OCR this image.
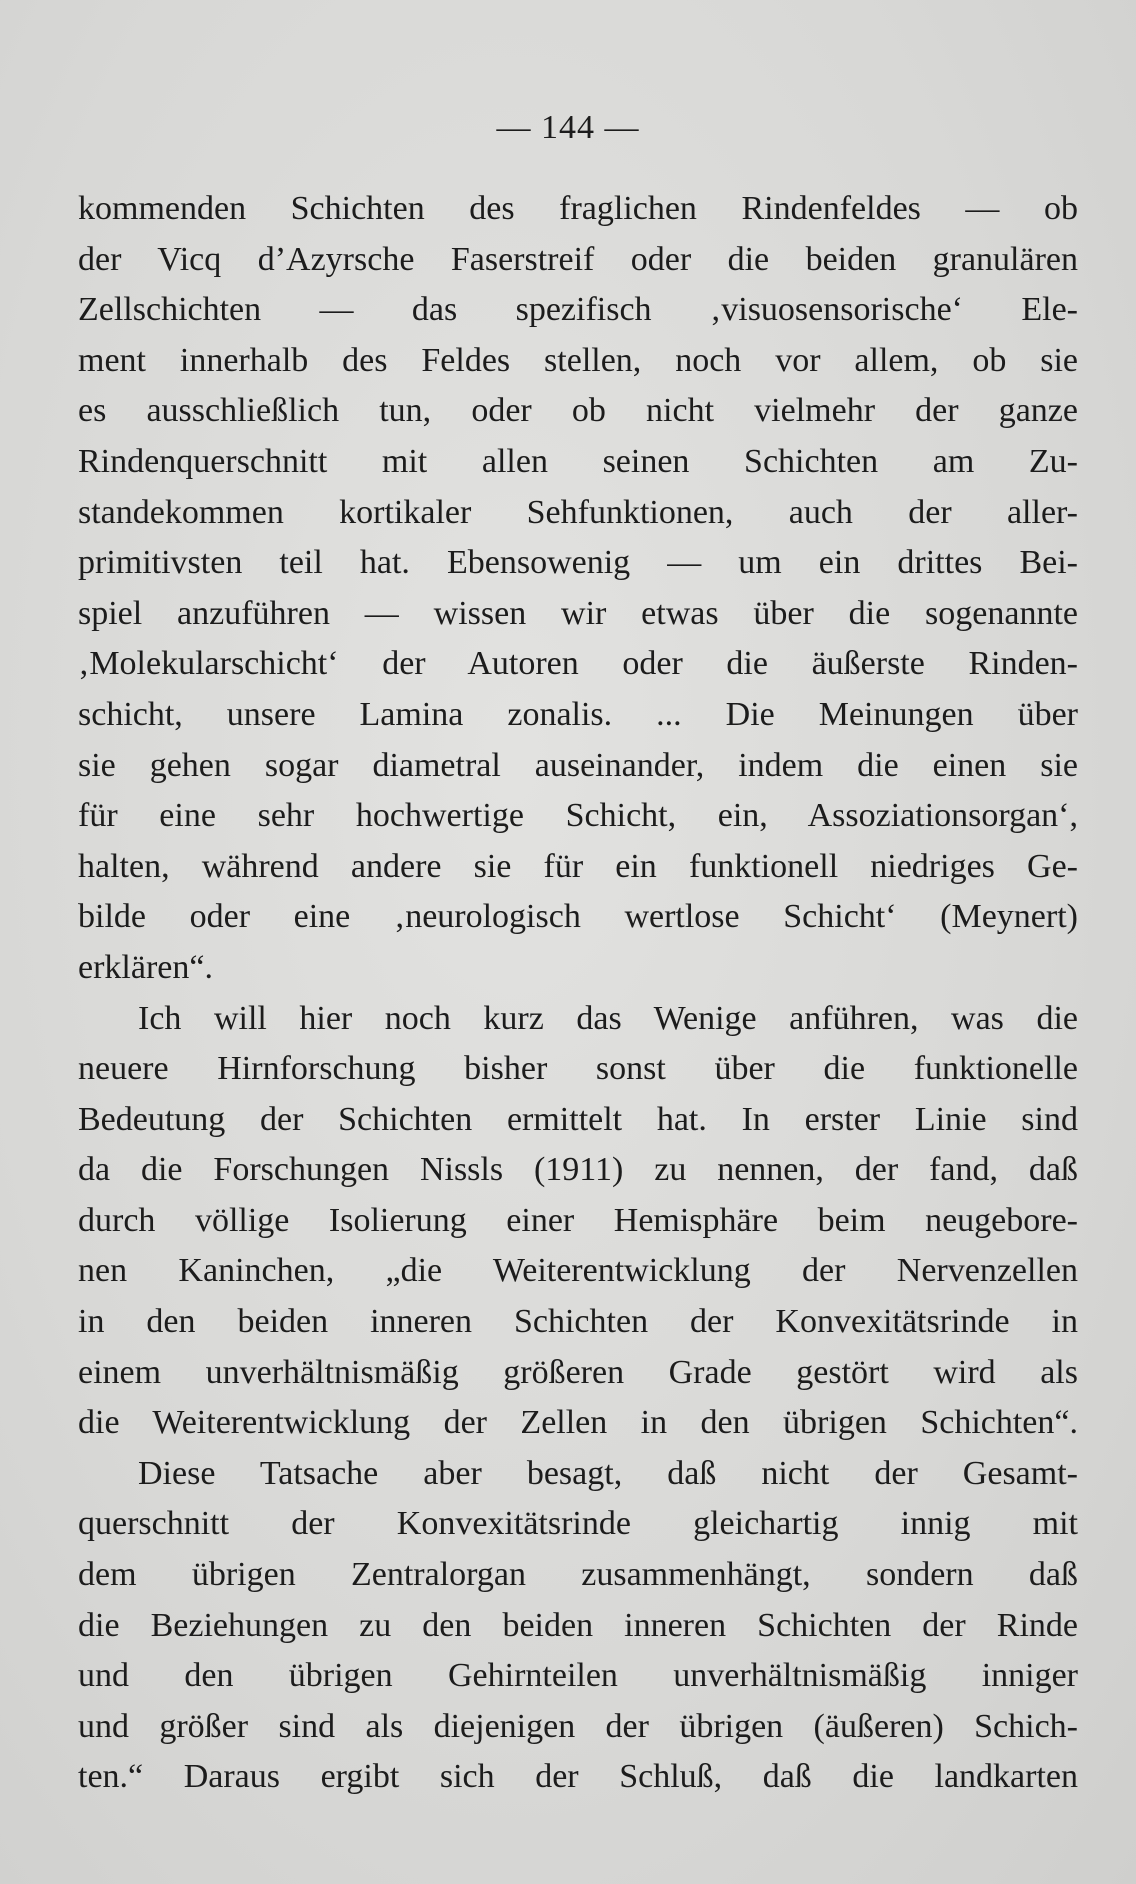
— 144 —
kommenden Schichten des fraglichen Rindenfeldes — ob
der Vicq d’Azyrsche Faserstreif oder die beiden granulären
Zellschichten — das spezifisch ‚visuosensorische‘ Ele-
ment innerhalb des Feldes stellen, noch vor allem, ob sie
es ausschließlich tun, oder ob nicht vielmehr der ganze
Rindenquerschnitt mit allen seinen Schichten am Zu-
standekommen kortikaler Sehfunktionen, auch der aller-
primitivsten teil hat. Ebensowenig — um ein drittes Bei-
spiel anzuführen — wissen wir etwas über die sogenannte
‚Molekularschicht‘ der Autoren oder die äußerste Rinden-
schicht, unsere Lamina zonalis. ... Die Meinungen über
sie gehen sogar diametral auseinander, indem die einen sie
für eine sehr hochwertige Schicht, ein, Assoziationsorgan‘,
halten, während andere sie für ein funktionell niedriges Ge-
bilde oder eine ‚neurologisch wertlose Schicht‘ (Meynert)
erklären“.
Ich will hier noch kurz das Wenige anführen, was die
neuere Hirnforschung bisher sonst über die funktionelle
Bedeutung der Schichten ermittelt hat. In erster Linie sind
da die Forschungen Nissls (1911) zu nennen, der fand, daß
durch völlige Isolierung einer Hemisphäre beim neugebore-
nen Kaninchen, „die Weiterentwicklung der Nervenzellen
in den beiden inneren Schichten der Konvexitätsrinde in
einem unverhältnismäßig größeren Grade gestört wird als
die Weiterentwicklung der Zellen in den übrigen Schichten“.
Diese Tatsache aber besagt, daß nicht der Gesamt-
querschnitt der Konvexitätsrinde gleichartig innig mit
dem übrigen Zentralorgan zusammenhängt, sondern daß
die Beziehungen zu den beiden inneren Schichten der Rinde
und den übrigen Gehirnteilen unverhältnismäßig inniger
und größer sind als diejenigen der übrigen (äußeren) Schich-
ten.“ Daraus ergibt sich der Schluß, daß die landkarten
